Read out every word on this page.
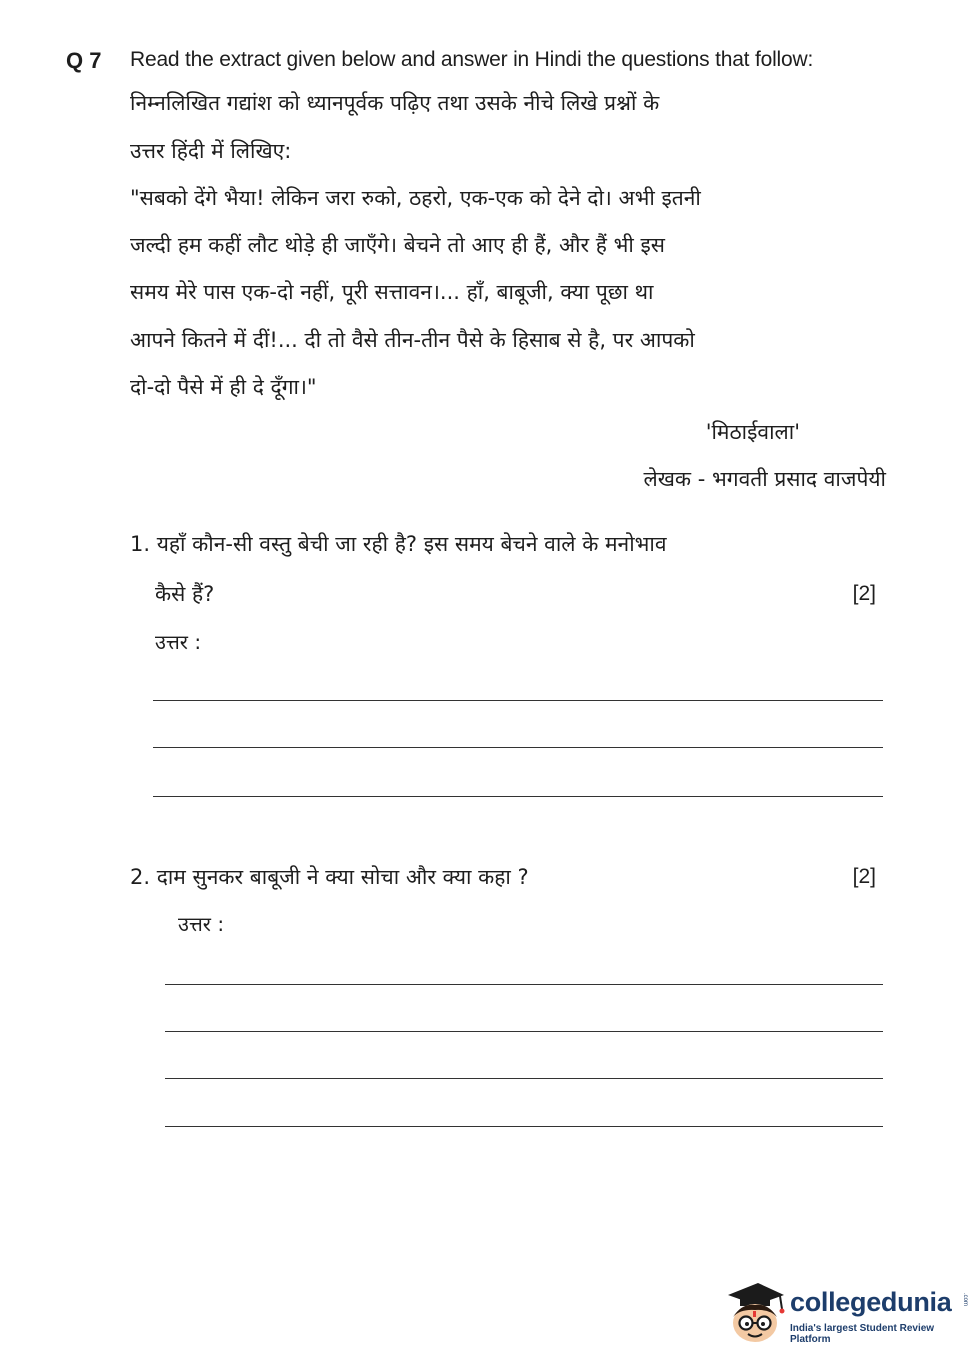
Q 7 Read the extract given below and answer in Hindi the questions that follow:
निम्नलिखित गद्यांश को ध्यानपूर्वक पढ़िए तथा उसके नीचे लिखे प्रश्नों के
उत्तर हिंदी में लिखिए:
"सबको देंगे भैया! लेकिन जरा रुको, ठहरो, एक-एक को देने दो। अभी इतनी
जल्दी हम कहीं लौट थोड़े ही जाएँगे। बेचने तो आए ही हैं, और हैं भी इस
समय मेरे पास एक-दो नहीं, पूरी सत्तावन।... हाँ, बाबूजी, क्या पूछा था
आपने कितने में दीं!... दी तो वैसे तीन-तीन पैसे के हिसाब से है, पर आपको
दो-दो पैसे में ही दे दूँगा।"
'मिठाईवाला'
लेखक - भगवती प्रसाद वाजपेयी
1. यहाँ कौन-सी वस्तु बेची जा रही है? इस समय बेचने वाले के मनोभाव
कैसे हैं?	[2]
उत्तर :
2. दाम सुनकर बाबूजी ने क्या सोचा और क्या कहा ?	[2]
उत्तर :
collegedunia .com
India's largest Student Review Platform
